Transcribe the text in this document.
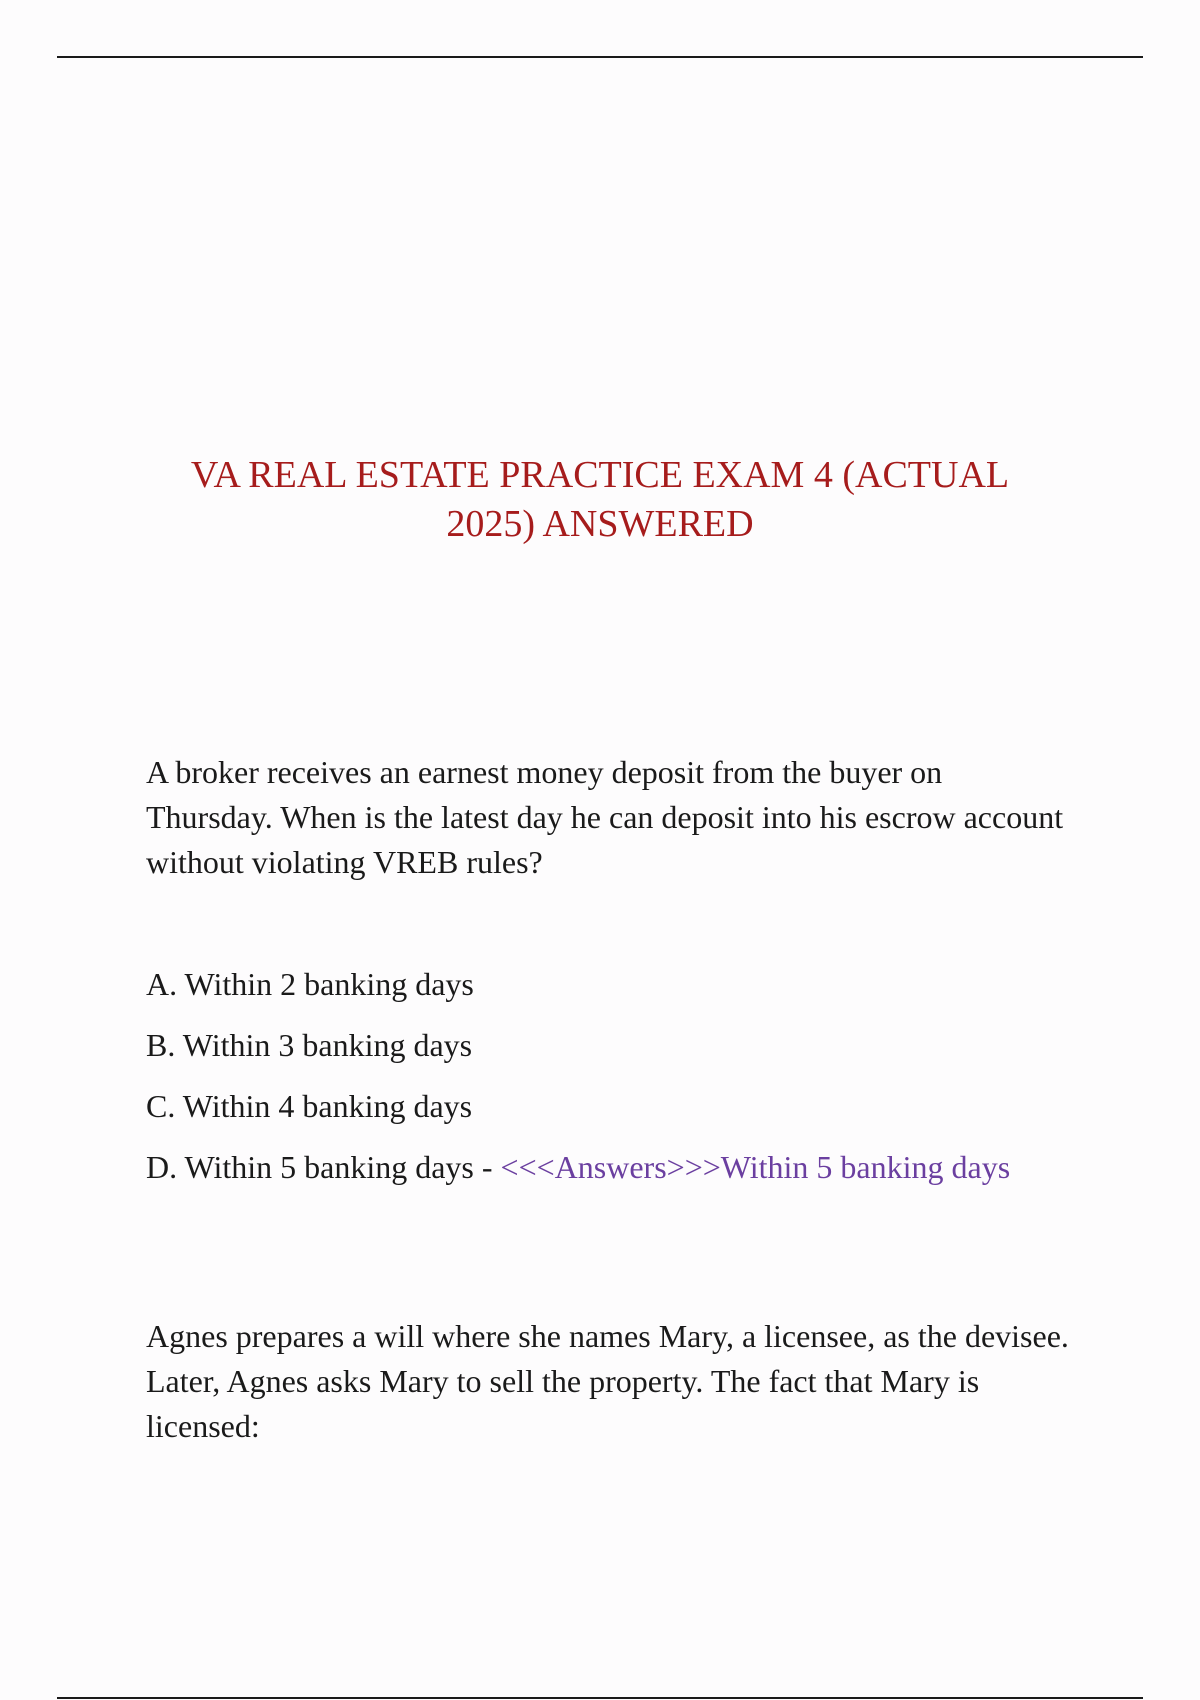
VA REAL ESTATE PRACTICE EXAM 4 (ACTUAL 2025) ANSWERED

A broker receives an earnest money deposit from the buyer on Thursday. When is the latest day he can deposit into his escrow account without violating VREB rules?

A. Within 2 banking days
B. Within 3 banking days
C. Within 4 banking days
D. Within 5 banking days - <<<Answers>>>Within 5 banking days

Agnes prepares a will where she names Mary, a licensee, as the devisee. Later, Agnes asks Mary to sell the property. The fact that Mary is licensed:
